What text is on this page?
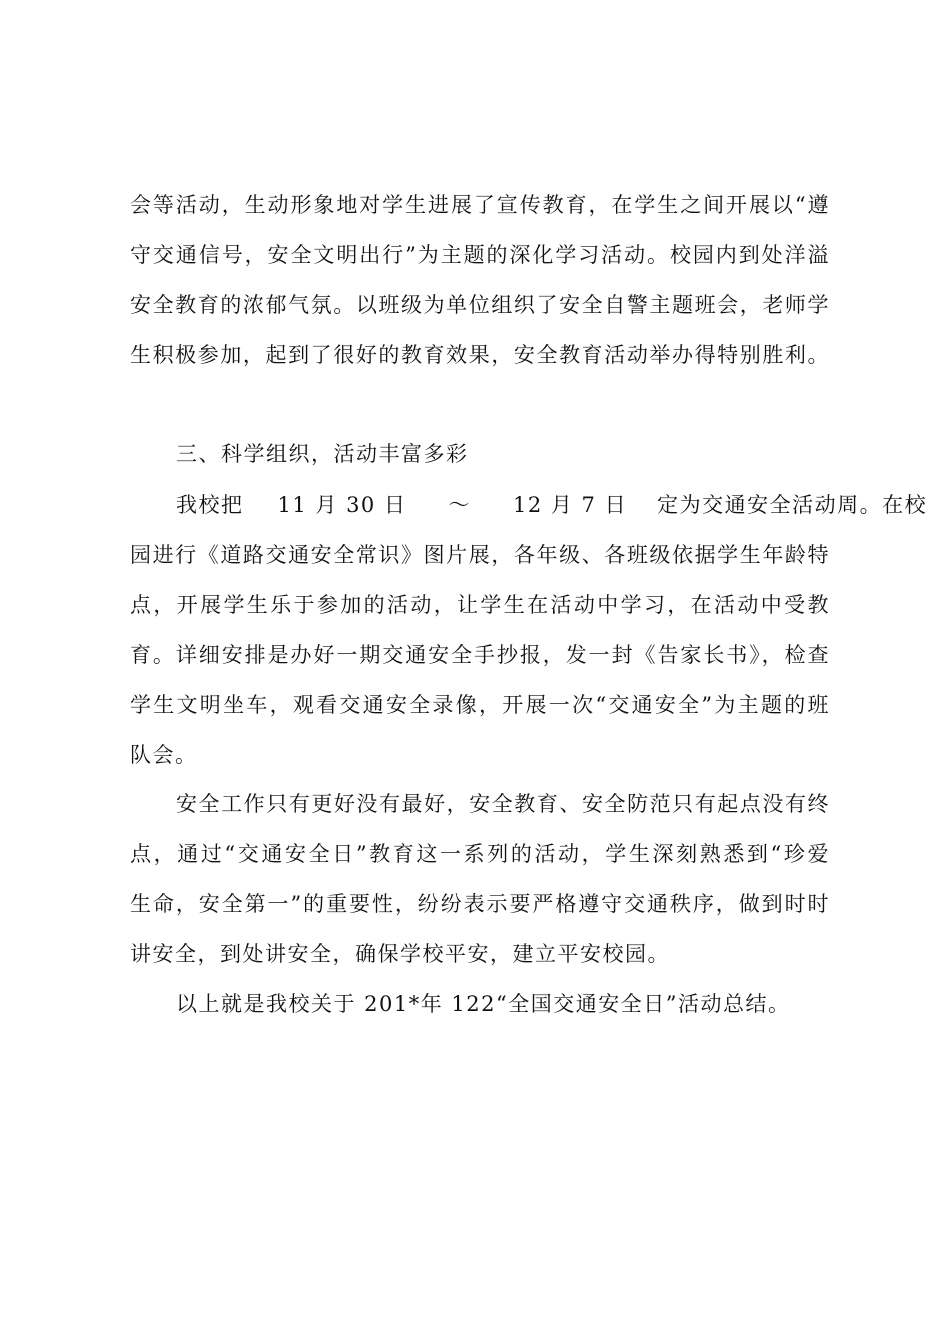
会等活动，生动形象地对学生进展了宣传教育，在学生之间开展以“遵
守交通信号，安全文明出行”为主题的深化学习活动。校园内到处洋溢
安全教育的浓郁气氛。以班级为单位组织了安全自警主题班会，老师学
生积极参加，起到了很好的教育效果，安全教育活动举办得特别胜利。
三、科学组织，活动丰富多彩
我校把 11 月 30 日 ～ 12 月 7 日 定为交通安全活动周。在校
园进行《道路交通安全常识》图片展，各年级、各班级依据学生年龄特
点，开展学生乐于参加的活动，让学生在活动中学习，在活动中受教
育。详细安排是办好一期交通安全手抄报，发一封《告家长书》，检查
学生文明坐车，观看交通安全录像，开展一次“交通安全”为主题的班
队会。
安全工作只有更好没有最好，安全教育、安全防范只有起点没有终
点，通过“交通安全日”教育这一系列的活动，学生深刻熟悉到“珍爱
生命，安全第一”的重要性，纷纷表示要严格遵守交通秩序，做到时时
讲安全，到处讲安全，确保学校平安，建立平安校园。
以上就是我校关于 201*年 122“全国交通安全日”活动总结。
